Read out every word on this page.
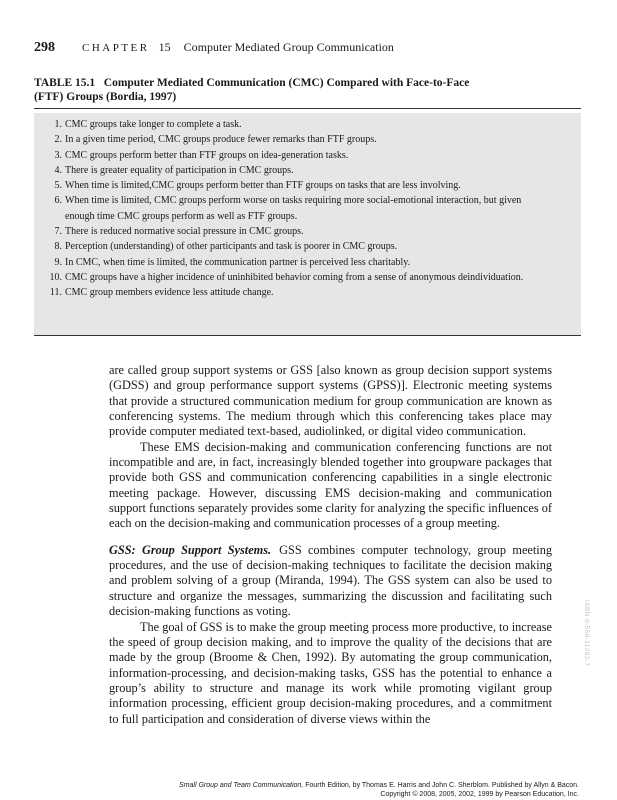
298 CHAPTER 15 Computer Mediated Group Communication
TABLE 15.1   Computer Mediated Communication (CMC) Compared with Face-to-Face
(FTF) Groups (Bordia, 1997)
1. CMC groups take longer to complete a task.
2. In a given time period, CMC groups produce fewer remarks than FTF groups.
3. CMC groups perform better than FTF groups on idea-generation tasks.
4. There is greater equality of participation in CMC groups.
5. When time is limited,CMC groups perform better than FTF groups on tasks that are less involving.
6. When time is limited, CMC groups perform worse on tasks requiring more social-emotional interaction, but given enough time CMC groups perform as well as FTF groups.
7. There is reduced normative social pressure in CMC groups.
8. Perception (understanding) of other participants and task is poorer in CMC groups.
9. In CMC, when time is limited, the communication partner is perceived less charitably.
10. CMC groups have a higher incidence of uninhibited behavior coming from a sense of anonymous deindividuation.
11. CMC group members evidence less attitude change.

are called group support systems or GSS [also known as group decision support systems (GDSS) and group performance support systems (GPSS)]. Electronic meeting systems that provide a structured communication medium for group communication are known as conferencing systems. The medium through which this conferencing takes place may provide computer mediated text-based, audiolinked, or digital video communication.

These EMS decision-making and communication conferencing functions are not incompatible and are, in fact, increasingly blended together into groupware packages that provide both GSS and communication conferencing capabilities in a single electronic meeting package. However, discussing EMS decision-making and communication support functions separately provides some clarity for analyzing the specific influences of each on the decision-making and communication processes of a group meeting.

GSS: Group Support Systems. GSS combines computer technology, group meeting procedures, and the use of decision-making techniques to facilitate the decision making and problem solving of a group (Miranda, 1994). The GSS system can also be used to structure and organize the messages, summarizing the discussion and facilitating such decision-making functions as voting.

The goal of GSS is to make the group meeting process more productive, to increase the speed of group decision making, and to improve the quality of the decisions that are made by the group (Broome & Chen, 1992). By automating the group communication, information-processing, and decision-making tasks, GSS has the potential to enhance a group’s ability to structure and manage its work while promoting vigilant group information processing, efficient group decision-making procedures, and a commitment to full participation and consideration of diverse views within the

ISBN 0-558-11282-7
Small Group and Team Communication, Fourth Edition, by Thomas E. Harris and John C. Sherblom. Published by Allyn & Bacon.
Copyright © 2008, 2005, 2002, 1999 by Pearson Education, Inc.
